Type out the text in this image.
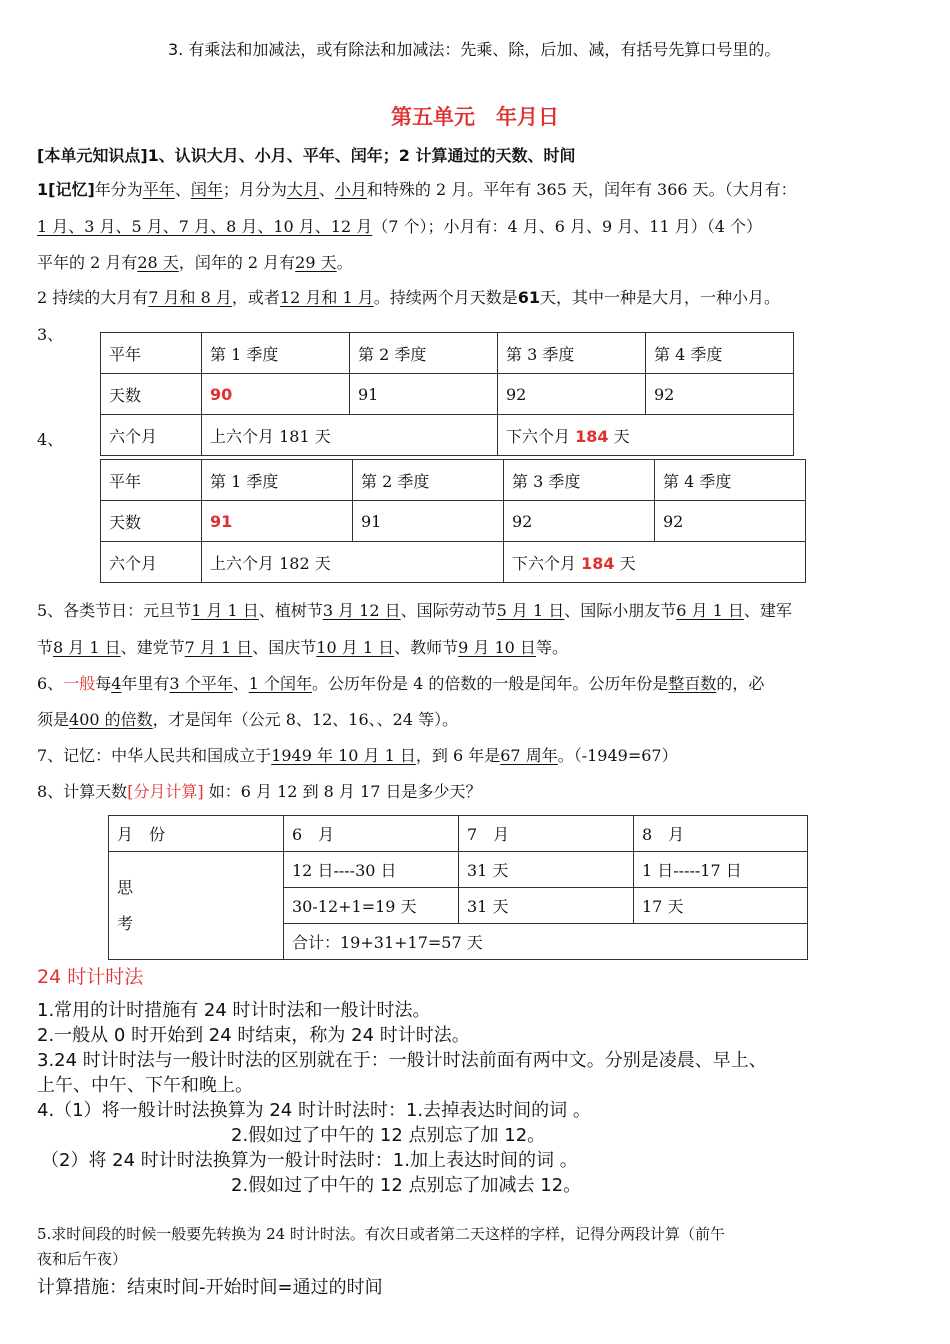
3. 有乘法和加减法，或有除法和加减法：先乘、除，后加、减，有括号先算口号里的。
第五单元　年月日
[本单元知识点]1、认识大月、小月、平年、闰年；2 计算通过的天数、时间
1[记忆]年分为平年、闰年；月分为大月、小月和特殊的 2 月。平年有 365 天，闰年有 366 天。（大月有：
1 月、3 月、5 月、7 月、8 月、10 月、12 月（7 个）；小月有：4 月、6 月、9 月、11 月）（4 个）
平年的 2 月有28 天，闰年的 2 月有29 天。
2 持续的大月有7 月和 8 月，或者12 月和 1 月。持续两个月天数是61天，其中一种是大月，一种小月。
3、
平年	第 1 季度	第 2 季度	第 3 季度	第 4 季度
天数	90	91	92	92
六个月	上六个月 181 天		下六个月 184 天	
4、
平年	第 1 季度	第 2 季度	第 3 季度	第 4 季度
天数	91	91	92	92
六个月	上六个月 182 天		下六个月 184 天	
5、各类节日：元旦节1 月 1 日、植树节3 月 12 日、国际劳动节5 月 1 日、国际小朋友节6 月 1 日、建军
节8 月 1 日、建党节7 月 1 日、国庆节10 月 1 日、教师节9 月 10 日等。
6、一般每4年里有3 个平年、1 个闰年。公历年份是 4 的倍数的一般是闰年。公历年份是整百数的，必
须是400 的倍数，才是闰年（公元 8、12、16、、24 等）。
7、记忆：中华人民共和国成立于1949 年 10 月 1 日，到 6 年是67 周年。（-1949=67）
8、计算天数[分月计算] 如：6 月 12 到 8 月 17 日是多少天？
月　份	6　月	7　月	8　月

思
考	12 日----30 日	31 天	1 日-----17 日
	30-12+1=19 天	31 天	17 天
	合计：19+31+17=57 天		
24 时计时法
1.常用的计时措施有 24 时计时法和一般计时法。
2.一般从 0 时开始到 24 时结束，称为 24 时计时法。
3.24 时计时法与一般计时法的区别就在于：一般计时法前面有两中文。分别是凌晨、早上、
上午、中午、下午和晚上。
4.（1）将一般计时法换算为 24 时计时法时：1.去掉表达时间的词 。
2.假如过了中午的 12 点别忘了加 12。
（2）将 24 时计时法换算为一般计时法时：1.加上表达时间的词 。
2.假如过了中午的 12 点别忘了加减去 12。
5.求时间段的时候一般要先转换为 24 时计时法。有次日或者第二天这样的字样，记得分两段计算（前午
夜和后午夜）
计算措施：结束时间-开始时间=通过的时间
